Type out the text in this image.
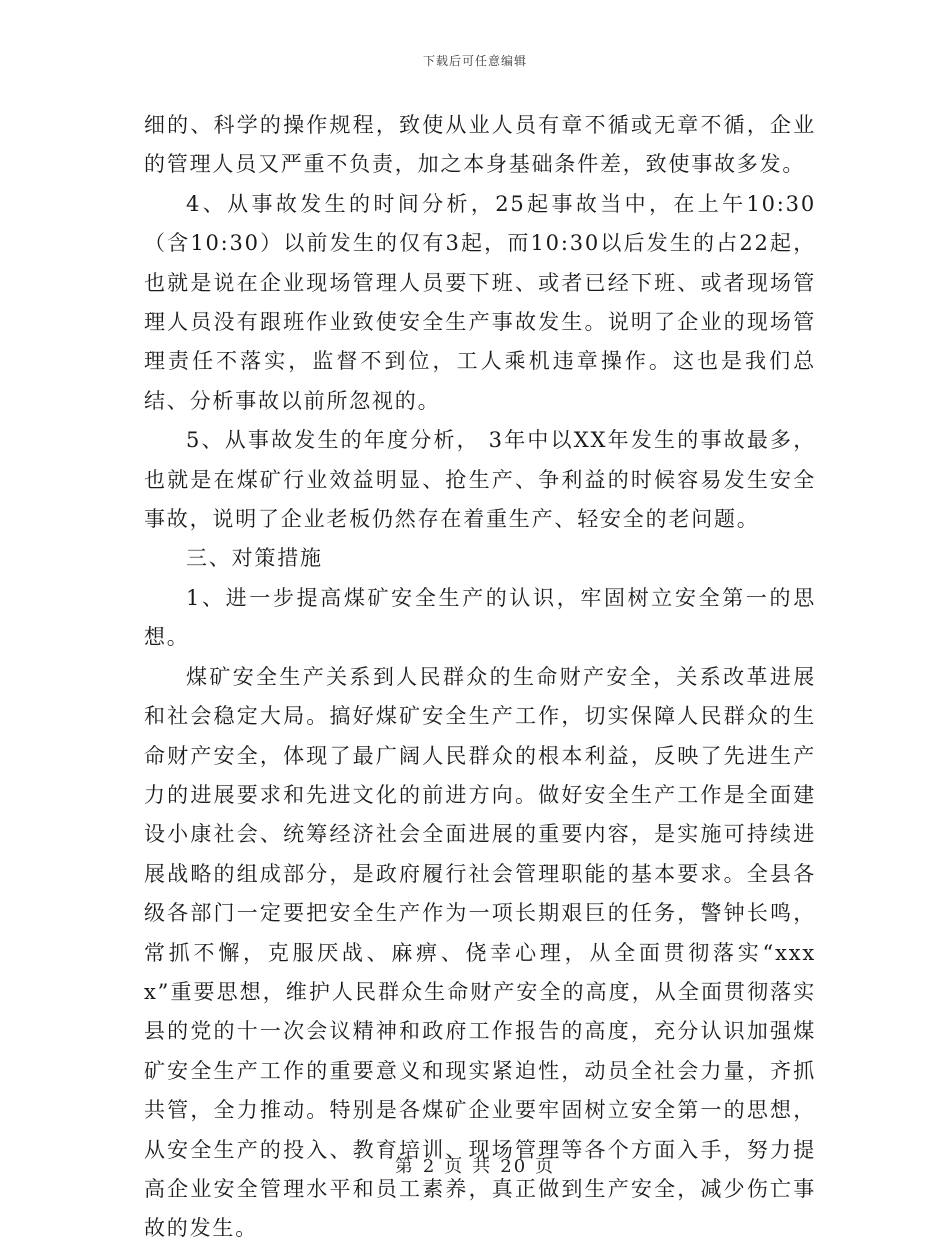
下载后可任意编辑

细的、科学的操作规程，致使从业人员有章不循或无章不循，企业的管理人员又严重不负责，加之本身基础条件差，致使事故多发。

4、从事故发生的时间分析，25起事故当中，在上午10:30（含10:30）以前发生的仅有3起，而10:30以后发生的占22起，也就是说在企业现场管理人员要下班、或者已经下班、或者现场管理人员没有跟班作业致使安全生产事故发生。说明了企业的现场管理责任不落实，监督不到位，工人乘机违章操作。这也是我们总结、分析事故以前所忽视的。

5、从事故发生的年度分析， 3年中以XX年发生的事故最多，也就是在煤矿行业效益明显、抢生产、争利益的时候容易发生安全事故，说明了企业老板仍然存在着重生产、轻安全的老问题。

三、对策措施

1、进一步提高煤矿安全生产的认识，牢固树立安全第一的思想。

煤矿安全生产关系到人民群众的生命财产安全，关系改革进展和社会稳定大局。搞好煤矿安全生产工作，切实保障人民群众的生命财产安全，体现了最广阔人民群众的根本利益，反映了先进生产力的进展要求和先进文化的前进方向。做好安全生产工作是全面建设小康社会、统筹经济社会全面进展的重要内容，是实施可持续进展战略的组成部分，是政府履行社会管理职能的基本要求。全县各级各部门一定要把安全生产作为一项长期艰巨的任务，警钟长鸣，常抓不懈，克服厌战、麻痹、侥幸心理，从全面贯彻落实“xxxx”重要思想，维护人民群众生命财产安全的高度，从全面贯彻落实县的党的十一次会议精神和政府工作报告的高度，充分认识加强煤矿安全生产工作的重要意义和现实紧迫性，动员全社会力量，齐抓共管，全力推动。特别是各煤矿企业要牢固树立安全第一的思想，从安全生产的投入、教育培训、现场管理等各个方面入手，努力提高企业安全管理水平和员工素养，真正做到生产安全，减少伤亡事故的发生。

第 2 页 共 20 页
